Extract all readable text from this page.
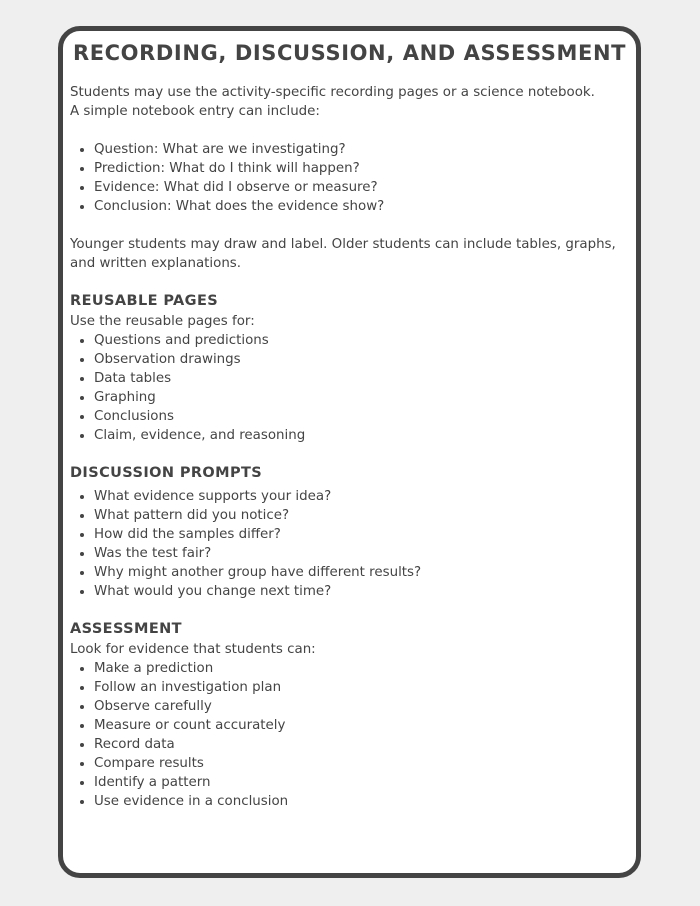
RECORDING, DISCUSSION, AND ASSESSMENT

Students may use the activity-specific recording pages or a science notebook.

A simple notebook entry can include:

• Question: What are we investigating?
• Prediction: What do I think will happen?
• Evidence: What did I observe or measure?
• Conclusion: What does the evidence show?

Younger students may draw and label. Older students can include tables, graphs, and written explanations.

REUSABLE PAGES

Use the reusable pages for:

• Questions and predictions
• Observation drawings
• Data tables
• Graphing
• Conclusions
• Claim, evidence, and reasoning
DISCUSSION PROMPTS
• What evidence supports your idea?
• What pattern did you notice?
• How did the samples differ?
• Was the test fair?
• Why might another group have different results?
• What would you change next time?
ASSESSMENT

Look for evidence that students can:

• Make a prediction
• Follow an investigation plan
• Observe carefully
• Measure or count accurately
• Record data
• Compare results
• Identify a pattern
• Use evidence in a conclusion
